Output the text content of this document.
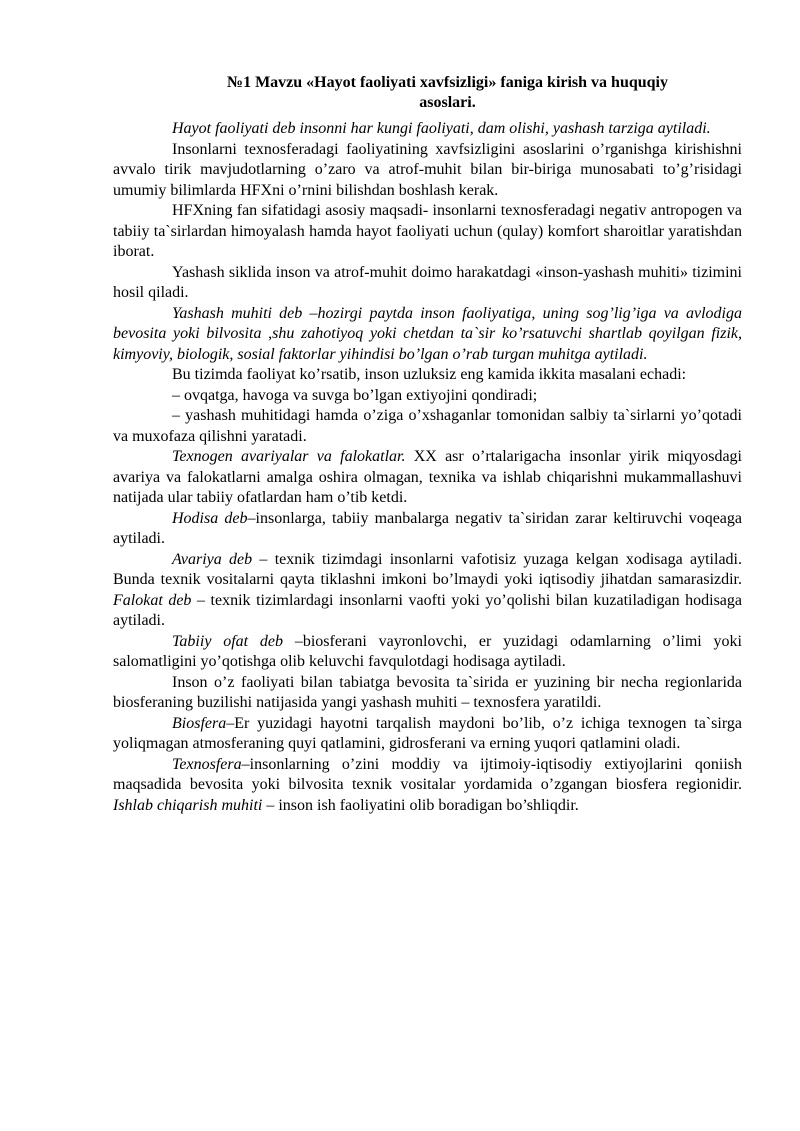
№1 Mavzu «Hayot faoliyati xavfsizligi» faniga kirish va huquqiy
asoslari.

Hayot faoliyati deb insonni har kungi faoliyati, dam olishi, yashash tarziga aytiladi.

Insonlarni texnosferadagi faoliyatining xavfsizligini asoslarini o’rganishga kirishishni avvalo tirik mavjudotlarning o’zaro va atrof-muhit bilan bir-biriga munosabati to’g’risidagi umumiy bilimlarda HFXni o’rnini bilishdan boshlash kerak.

HFXning fan sifatidagi asosiy maqsadi- insonlarni texnosferadagi negativ antropogen va tabiiy ta`sirlardan himoyalash hamda hayot faoliyati uchun (qulay) komfort sharoitlar yaratishdan iborat.

Yashash siklida inson va atrof-muhit doimo harakatdagi «inson-yashash muhiti» tizimini hosil qiladi.

Yashash muhiti deb –hozirgi paytda inson faoliyatiga, uning sog’lig’iga va avlodiga bevosita yoki bilvosita ,shu zahotiyoq yoki chetdan ta`sir ko’rsatuvchi shartlab qoyilgan fizik, kimyoviy, biologik, sosial faktorlar yihindisi bo’lgan o’rab turgan muhitga aytiladi.

Bu tizimda faoliyat ko’rsatib, inson uzluksiz eng kamida ikkita masalani echadi:

– ovqatga, havoga va suvga bo’lgan extiyojini qondiradi;

– yashash muhitidagi hamda o’ziga o’xshaganlar tomonidan salbiy ta`sirlarni yo’qotadi va muxofaza qilishni yaratadi.

Texnogen avariyalar va falokatlar. XX asr o’rtalarigacha insonlar yirik miqyosdagi avariya va falokatlarni amalga oshira olmagan, texnika va ishlab chiqarishni mukammallashuvi natijada ular tabiiy ofatlardan ham o’tib ketdi.

Hodisa deb–insonlarga, tabiiy manbalarga negativ ta`siridan zarar keltiruvchi voqeaga aytiladi.

Avariya deb – texnik tizimdagi insonlarni vafotisiz yuzaga kelgan xodisaga aytiladi. Bunda texnik vositalarni qayta tiklashni imkoni bo’lmaydi yoki iqtisodiy jihatdan samarasizdir. Falokat deb – texnik tizimlardagi insonlarni vaofti yoki yo’qolishi bilan kuzatiladigan hodisaga aytiladi.

Tabiiy ofat deb –biosferani vayronlovchi, er yuzidagi odamlarning o’limi yoki salomatligini yo’qotishga olib keluvchi favqulotdagi hodisaga aytiladi.

Inson o’z faoliyati bilan tabiatga bevosita ta`sirida er yuzining bir necha regionlarida biosferaning buzilishi natijasida yangi yashash muhiti – texnosfera yaratildi.

Biosfera–Er yuzidagi hayotni tarqalish maydoni bo’lib, o’z ichiga texnogen ta`sirga yoliqmagan atmosferaning quyi qatlamini, gidrosferani va erning yuqori qatlamini oladi.

Texnosfera–insonlarning o’zini moddiy va ijtimoiy-iqtisodiy extiyojlarini qoniish maqsadida bevosita yoki bilvosita texnik vositalar yordamida o’zgangan biosfera regionidir. Ishlab chiqarish muhiti – inson ish faoliyatini olib boradigan bo’shliqdir.
